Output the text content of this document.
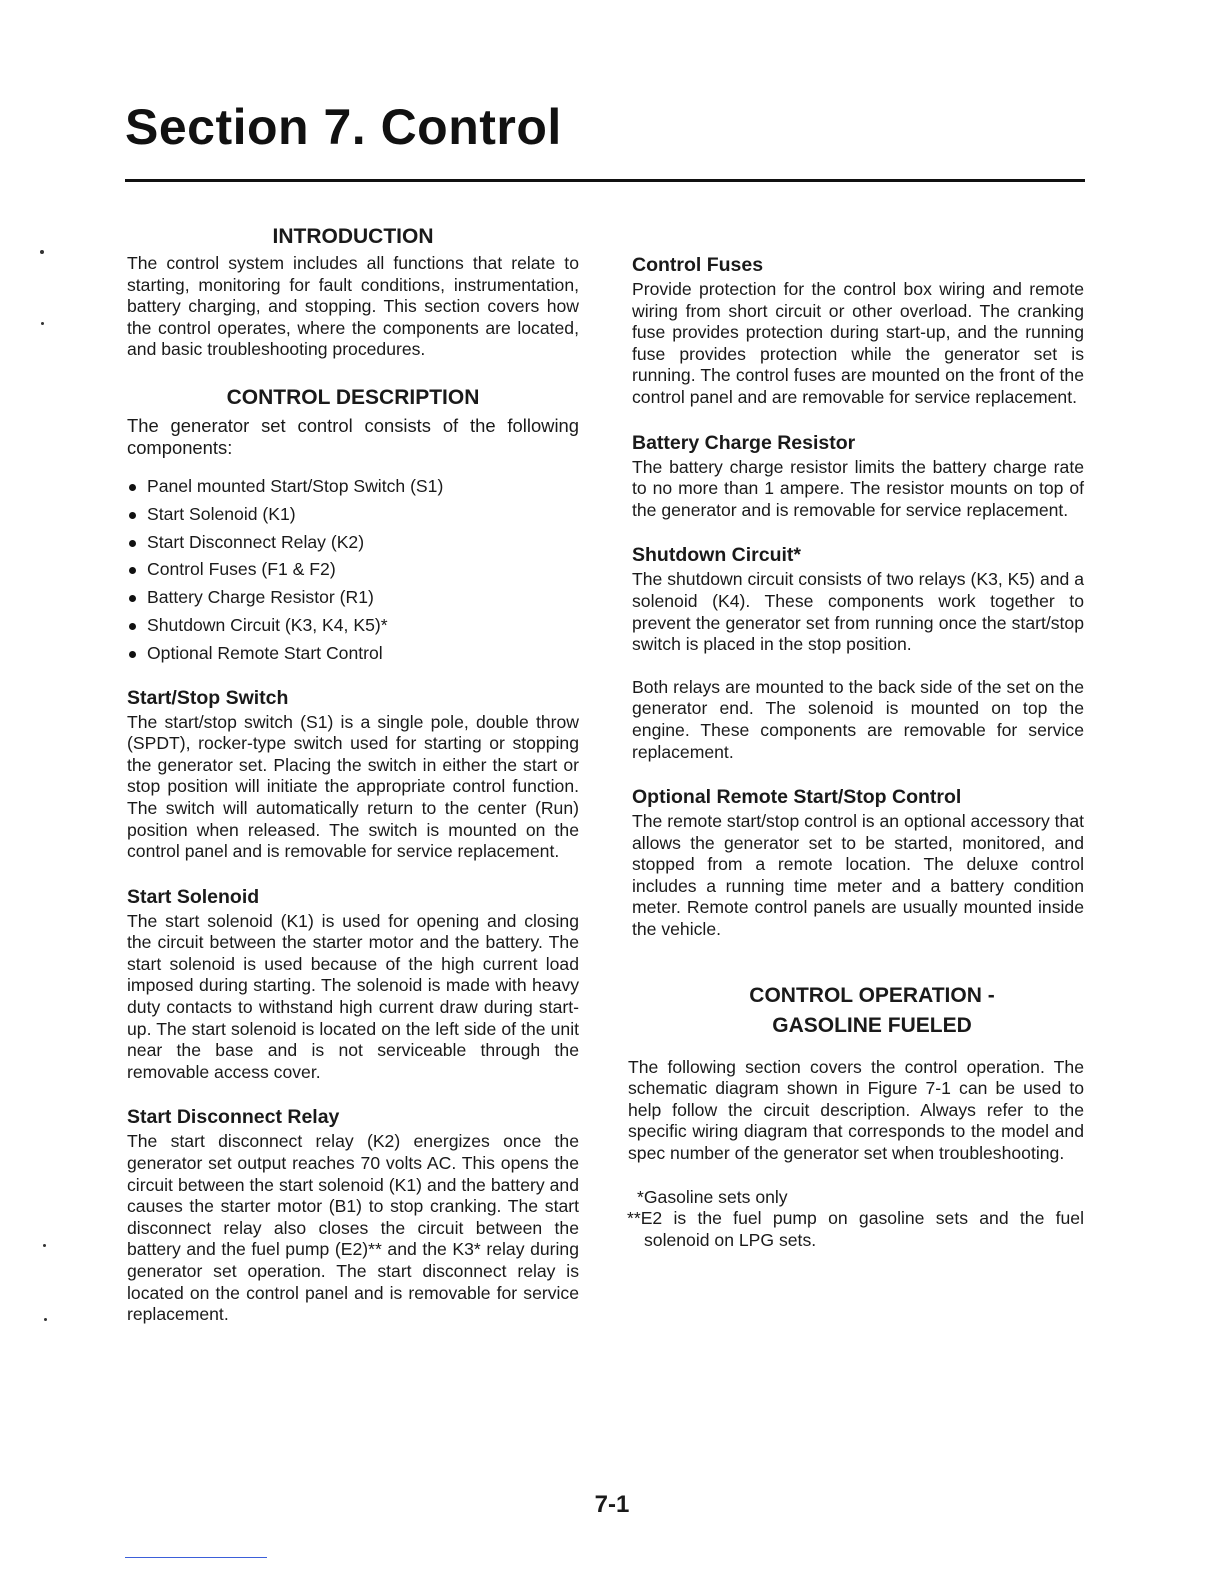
Section 7. Control
INTRODUCTION

The control system includes all functions that relate to starting, monitoring for fault conditions, instrumentation, battery charging, and stopping. This section covers how the control operates, where the components are located, and basic troubleshooting procedures.

CONTROL DESCRIPTION

The generator set control consists of the following components:

Panel mounted Start/Stop Switch (S1)
Start Solenoid (K1)
Start Disconnect Relay (K2)
Control Fuses (F1 & F2)
Battery Charge Resistor (R1)
Shutdown Circuit (K3, K4, K5)*
Optional Remote Start Control
Start/Stop Switch

The start/stop switch (S1) is a single pole, double throw (SPDT), rocker-type switch used for starting or stopping the generator set. Placing the switch in either the start or stop position will initiate the appropriate control function. The switch will automatically return to the center (Run) position when released. The switch is mounted on the control panel and is removable for service replacement.

Start Solenoid

The start solenoid (K1) is used for opening and closing the circuit between the starter motor and the battery. The start solenoid is used because of the high current load imposed during starting. The solenoid is made with heavy duty contacts to withstand high current draw during start-up. The start solenoid is located on the left side of the unit near the base and is not serviceable through the removable access cover.

Start Disconnect Relay

The start disconnect relay (K2) energizes once the generator set output reaches 70 volts AC. This opens the circuit between the start solenoid (K1) and the battery and causes the starter motor (B1) to stop cranking. The start disconnect relay also closes the circuit between the battery and the fuel pump (E2)** and the K3* relay during generator set operation. The start disconnect relay is located on the control panel and is removable for service replacement.

Control Fuses

Provide protection for the control box wiring and remote wiring from short circuit or other overload. The cranking fuse provides protection during start-up, and the running fuse provides protection while the generator set is running. The control fuses are mounted on the front of the control panel and are removable for service replacement.

Battery Charge Resistor

The battery charge resistor limits the battery charge rate to no more than 1 ampere. The resistor mounts on top of the generator and is removable for service replacement.

Shutdown Circuit*

The shutdown circuit consists of two relays (K3, K5) and a solenoid (K4). These components work together to prevent the generator set from running once the start/stop switch is placed in the stop position.

Both relays are mounted to the back side of the set on the generator end. The solenoid is mounted on top the engine. These components are removable for service replacement.

Optional Remote Start/Stop Control

The remote start/stop control is an optional accessory that allows the generator set to be started, monitored, and stopped from a remote location. The deluxe control includes a running time meter and a battery condition meter. Remote control panels are usually mounted inside the vehicle.

CONTROL OPERATION -
GASOLINE FUELED

The following section covers the control operation. The schematic diagram shown in Figure 7-1 can be used to help follow the circuit description. Always refer to the specific wiring diagram that corresponds to the model and spec number of the generator set when troubleshooting.

*Gasoline sets only

**E2 is the fuel pump on gasoline sets and the fuel solenoid on LPG sets.

7-1
